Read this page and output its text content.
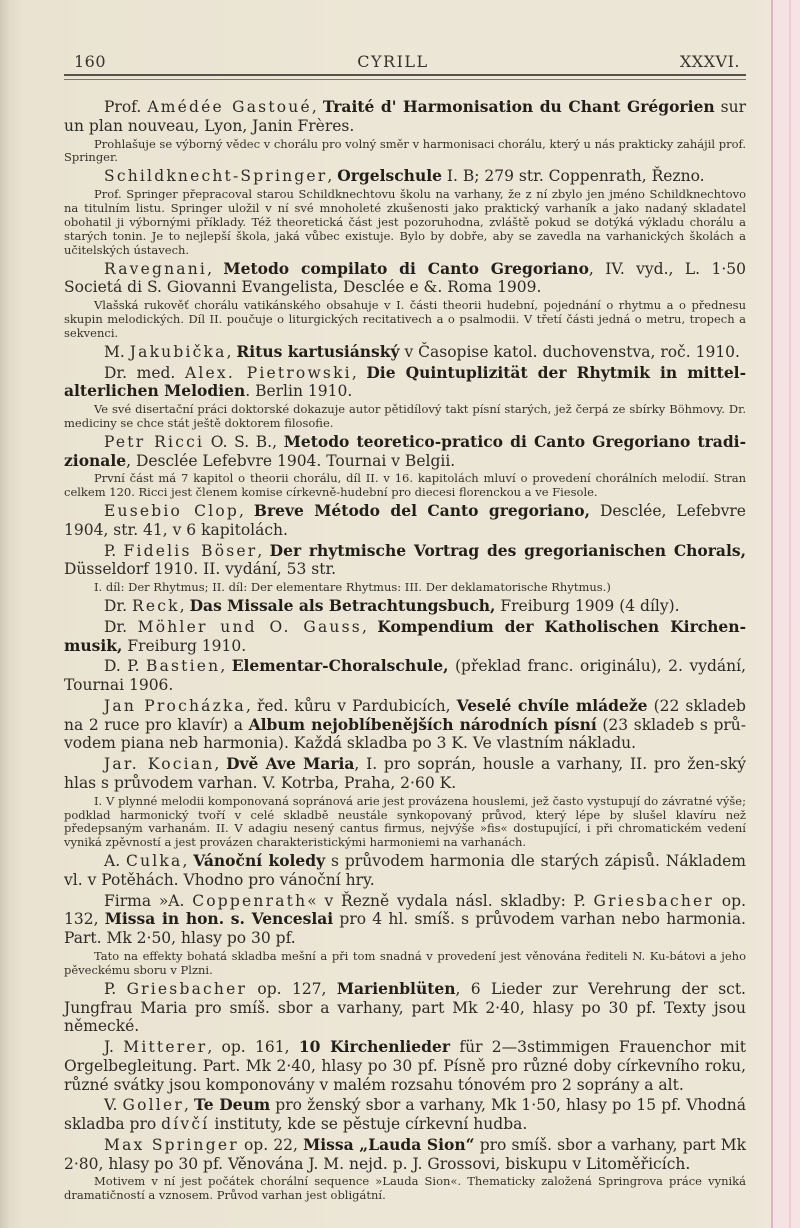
160	CYRILL	XXXVI.

Prof. Amédée Gastoué, Traité d' Harmonisation du Chant Grégorien sur un plan nouveau, Lyon, Janin Frères.

Prohlašuje se výborný vědec v chorálu pro volný směr v harmonisaci chorálu, který u nás prakticky zahájil prof. Springer.

Schildknecht-Springer, Orgelschule I. B; 279 str. Coppenrath, Řezno.

Prof. Springer přepracoval starou Schildknechtovu školu na varhany, že z ní zbylo jen jméno Schildknechtovo na titulním listu. Springer uložil v ní své mnoholeté zkušenosti jako praktický varhaník a jako nadaný skladatel obohatil ji výbornými příklady. Též theoretická část jest pozoruhodna, zvláště pokud se dotýká výkladu chorálu a starých tonin. Je to nejlepší škola, jaká vůbec existuje. Bylo by dobře, aby se zavedla na varhanických školách a učitelských ústavech.

Ravegnani, Metodo compilato di Canto Gregoriano, IV. vyd., L. 1·50 Societá di S. Giovanni Evangelista, Desclée e &. Roma 1909.

Vlašská rukověť chorálu vatikánského obsahuje v I. části theorii hudební, pojednání o rhytmu a o přednesu skupin melodických. Díl II. poučuje o liturgických recitativech a o psalmodii. V třetí části jedná o metru, tropech a sekvenci.

M. Jakubička, Ritus kartusiánský v Časopise katol. duchovenstva, roč. 1910.

Dr. med. Alex. Pietrowski, Die Quintuplizität der Rhytmik in mittel-alterlichen Melodien. Berlin 1910.

Ve své disertační práci doktorské dokazuje autor pětidílový takt písní starých, jež čerpá ze sbírky Böhmovy. Dr. mediciny se chce stát ještě doktorem filosofie.

Petr Ricci O. S. B., Metodo teoretico-pratico di Canto Gregoriano tradi-zionale, Desclée Lefebvre 1904. Tournai v Belgii.

První část má 7 kapitol o theorii chorálu, díl II. v 16. kapitolách mluví o provedení chorálních melodií. Stran celkem 120. Ricci jest členem komise církevně-hudební pro diecesi florenckou a ve Fiesole.

Eusebio Clop, Breve Método del Canto gregoriano, Desclée, Lefebvre 1904, str. 41, v 6 kapitolách.

P. Fidelis Böser, Der rhytmische Vortrag des gregorianischen Chorals, Düsseldorf 1910. II. vydání, 53 str.

I. díl: Der Rhytmus; II. díl: Der elementare Rhytmus: III. Der deklamatorische Rhytmus.)

Dr. Reck, Das Missale als Betrachtungsbuch, Freiburg 1909 (4 díly).

Dr. Möhler und O. Gauss, Kompendium der Katholischen Kirchen-musik, Freiburg 1910.

D. P. Bastien, Elementar-Choralschule, (překlad franc. originálu), 2. vydání, Tournai 1906.

Jan Procházka, řed. kůru v Pardubicích, Veselé chvíle mládeže (22 skladeb na 2 ruce pro klavír) a Album nejoblíbenějších národních písní (23 skladeb s prů-vodem piana neb harmonia). Každá skladba po 3 K. Ve vlastním nákladu.

Jar. Kocian, Dvě Ave Maria, I. pro soprán, housle a varhany, II. pro žen-ský hlas s průvodem varhan. V. Kotrba, Praha, 2·60 K.

I. V plynné melodii komponovaná sopránová arie jest provázena houslemi, jež často vystupují do závratné výše; podklad harmonický tvoří v celé skladbě neustále synkopovaný průvod, který lépe by slušel klavíru než předepsaným varhanám. II. V adagiu nesený cantus firmus, nejvýše »fis« dostupující, i při chromatickém vedení vyniká zpěvností a jest provázen charakteristickými harmoniemi na varhanách.

A. Culka, Vánoční koledy s průvodem harmonia dle starých zápisů. Nákladem vl. v Potěhách. Vhodno pro vánoční hry.

Firma »A. Coppenrath« v Řezně vydala násl. skladby: P. Griesbacher op. 132, Missa in hon. s. Venceslai pro 4 hl. smíš. s průvodem varhan nebo harmonia. Part. Mk 2·50, hlasy po 30 pf.

Tato na effekty bohatá skladba mešní a při tom snadná v provedení jest věnována řediteli N. Ku-bátovi a jeho pěveckému sboru v Plzni.

P. Griesbacher op. 127, Marienblüten, 6 Lieder zur Verehrung der sct. Jungfrau Maria pro smíš. sbor a varhany, part Mk 2·40, hlasy po 30 pf. Texty jsou německé.

J. Mitterer, op. 161, 10 Kirchenlieder für 2—3stimmigen Frauenchor mit Orgelbegleitung. Part. Mk 2·40, hlasy po 30 pf. Písně pro různé doby církevního roku, různé svátky jsou komponovány v malém rozsahu tónovém pro 2 soprány a alt.

V. Goller, Te Deum pro ženský sbor a varhany, Mk 1·50, hlasy po 15 pf. Vhodná skladba pro dívčí instituty, kde se pěstuje církevní hudba.

Max Springer op. 22, Missa „Lauda Sion“ pro smíš. sbor a varhany, part Mk 2·80, hlasy po 30 pf. Věnována J. M. nejd. p. J. Grossovi, biskupu v Litoměřicích.

Motivem v ní jest počátek chorální sequence »Lauda Sion«. Thematicky založená Springrova práce vyniká dramatičností a vznosem. Průvod varhan jest obligátní.
